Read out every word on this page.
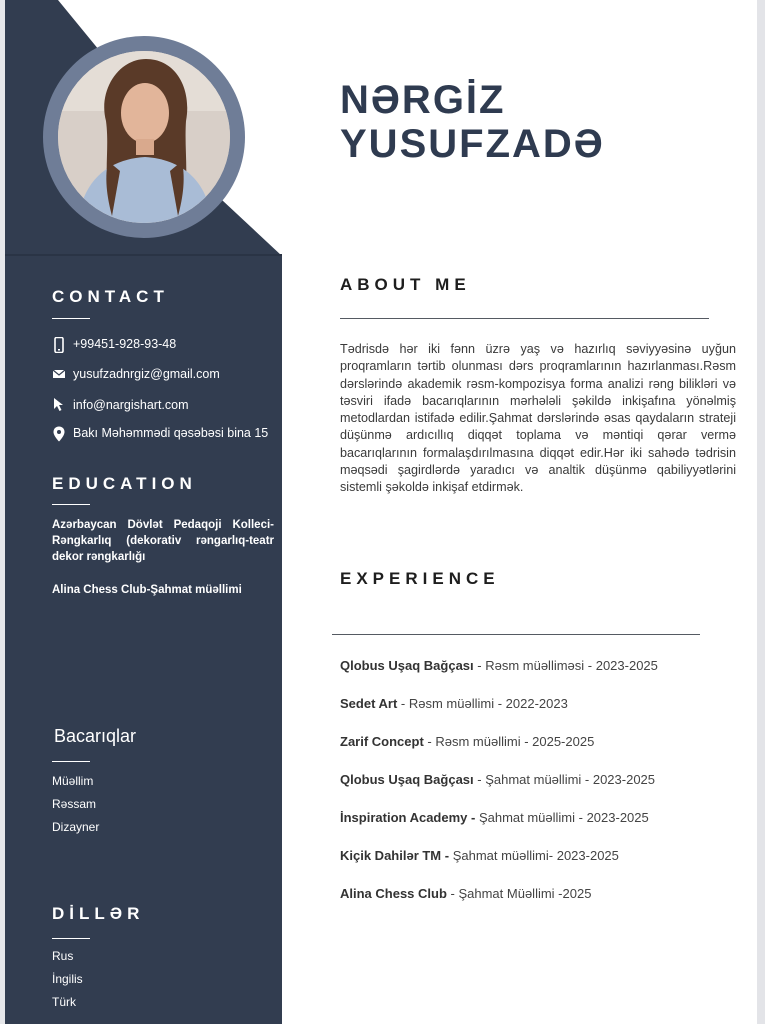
CONTACT
+99451-928-93-48
yusufzadnrgiz@gmail.com
info@nargishart.com
Bakı Məhəmmədi qəsəbəsi bina 15
EDUCATION
Azərbaycan Dövlət Pedaqoji Kolleci- Rəngkarlıq (dekorativ rəngarlıq-teatr dekor rəngkarlığı
Alina Chess Club-Şahmat müəllimi
Bacarıqlar
Müəllim
Rəssam
Dizayner
DİLLƏR
Rus
İngilis
Türk
NƏRGİZ
YUSUFZADƏ
ABOUT ME
Tədrisdə hər iki fənn üzrə yaş və hazırlıq səviyyəsinə uyğun proqramların tərtib olunması dərs proqramlarının hazırlanması.Rəsm dərslərində akademik rəsm-kompozisya forma analizi rəng bilikləri və təsviri ifadə bacarıqlarının mərhələli şəkildə inkişafına yönəlmiş metodlardan istifadə edilir.Şahmat dərslərində əsas qaydaların strateji düşünmə ardıcıllıq diqqət toplama və məntiqi qərar vermə bacarıqlarının formalaşdırılmasına diqqət edir.Hər iki sahədə tədrisin məqsədi şagirdlərdə yaradıcı və analtik düşünmə qabiliyyətlərini sistemli şəkoldə inkişaf etdirmək.
EXPERIENCE
Qlobus Uşaq Bağçası - Rəsm müəlliməsi - 2023-2025
Sedet Art - Rəsm müəllimi - 2022-2023
Zarif Concept - Rəsm müəllimi - 2025-2025
Qlobus Uşaq Bağçası - Şahmat müəllimi - 2023-2025
İnspiration Academy - Şahmat müəllimi - 2023-2025
Kiçik Dahilər TM - Şahmat müəllimi- 2023-2025
Alina Chess Club - Şahmat Müəllimi -2025
